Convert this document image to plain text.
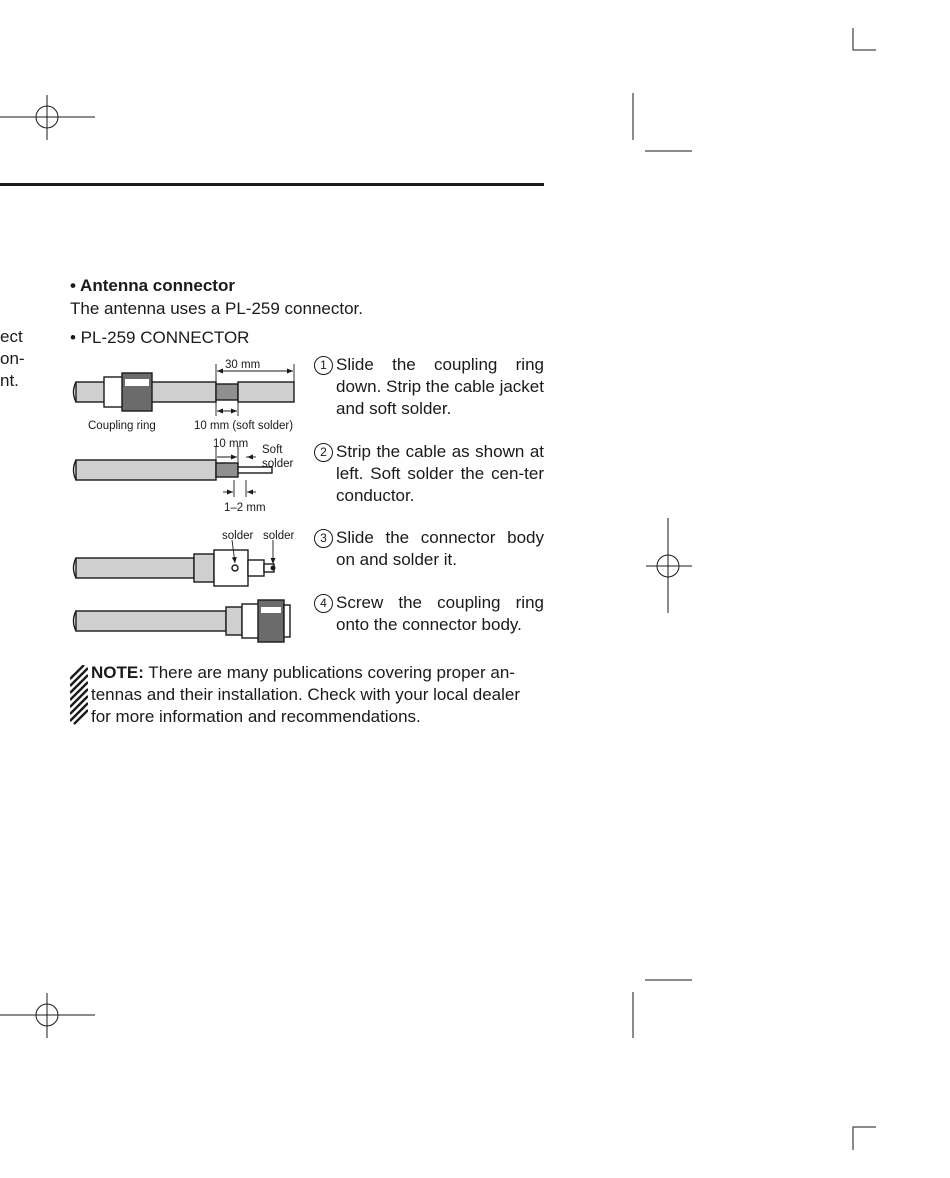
ect
on-
nt.
• Antenna connector
The antenna uses a PL-259 connector.
• PL-259 CONNECTOR
30 mm
Coupling ring	10 mm (soft solder)
10 mm Soft
solder
1–2 mm
solder solder
1 Slide the coupling ring down. Strip the cable jacket and soft solder.
2 Strip the cable as shown at left. Soft solder the cen-ter conductor.
3 Slide the connector body on and solder it.
4 Screw the coupling ring onto the connector body.

NOTE: There are many publications covering proper an-tennas and their installation. Check with your local dealer for more information and recommendations.
